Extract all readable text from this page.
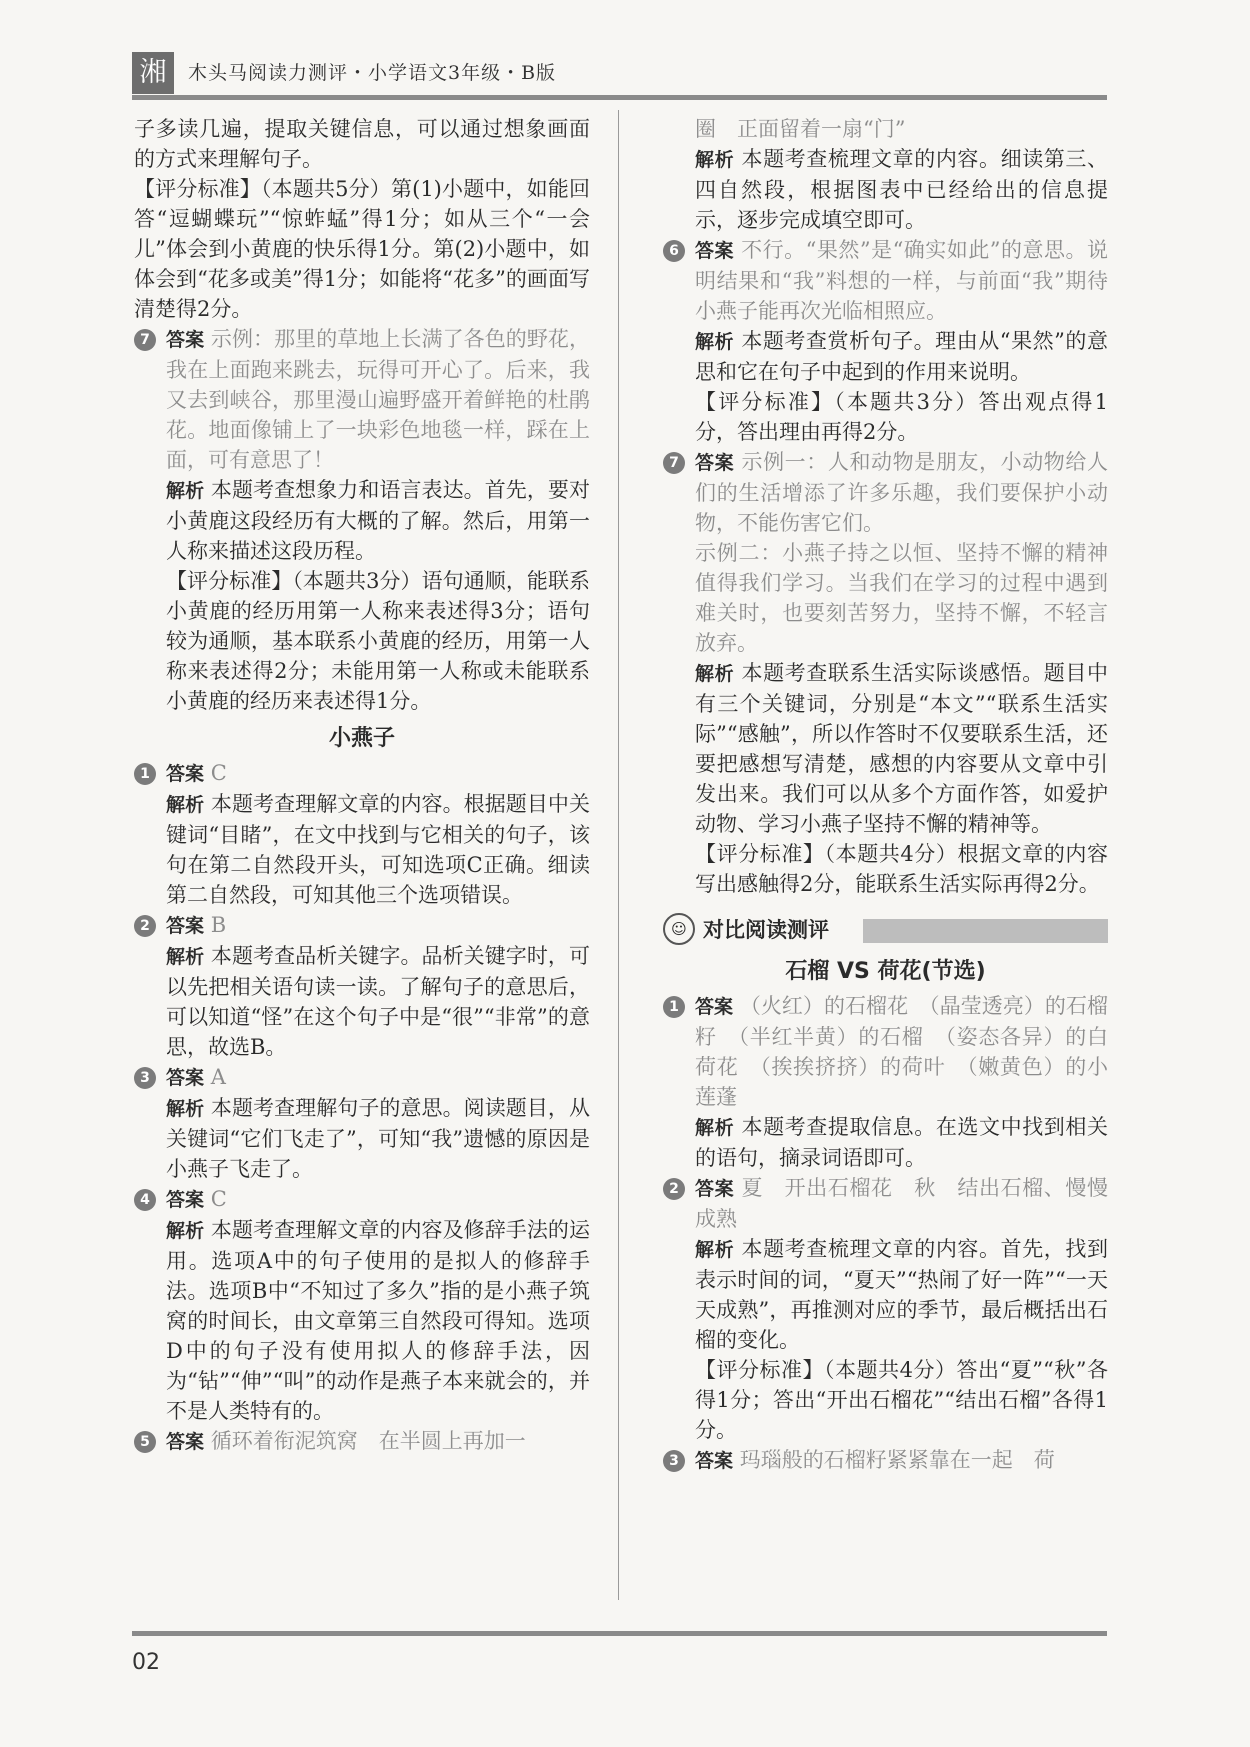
湘	木头马阅读力测评・小学语文3年级・B版

子多读几遍，提取关键信息，可以通过想象画面的方式来理解句子。

【评分标准】（本题共5分）第(1)小题中，如能回答“逗蝴蝶玩”“惊蚱蜢”得1分；如从三个“一会儿”体会到小黄鹿的快乐得1分。第(2)小题中，如体会到“花多或美”得1分；如能将“花多”的画面写清楚得2分。

7 答案 示例：那里的草地上长满了各色的野花，我在上面跑来跳去，玩得可开心了。后来，我又去到峡谷，那里漫山遍野盛开着鲜艳的杜鹃花。地面像铺上了一块彩色地毯一样，踩在上面，可有意思了！

解析 本题考查想象力和语言表达。首先，要对小黄鹿这段经历有大概的了解。然后，用第一人称来描述这段历程。

【评分标准】（本题共3分）语句通顺，能联系小黄鹿的经历用第一人称来表述得3分；语句较为通顺，基本联系小黄鹿的经历，用第一人称来表述得2分；未能用第一人称或未能联系小黄鹿的经历来表述得1分。

小燕子
1 答案 C

解析 本题考查理解文章的内容。根据题目中关键词“目睹”，在文中找到与它相关的句子，该句在第二自然段开头，可知选项C正确。细读第二自然段，可知其他三个选项错误。

2 答案 B

解析 本题考查品析关键字。品析关键字时，可以先把相关语句读一读。了解句子的意思后，可以知道“怪”在这个句子中是“很”“非常”的意思，故选B。

3 答案 A

解析 本题考查理解句子的意思。阅读题目，从关键词“它们飞走了”，可知“我”遗憾的原因是小燕子飞走了。

4 答案 C

解析 本题考查理解文章的内容及修辞手法的运用。选项A中的句子使用的是拟人的修辞手法。选项B中“不知过了多久”指的是小燕子筑窝的时间长，由文章第三自然段可得知。选项D中的句子没有使用拟人的修辞手法，因为“钻”“伸”“叫”的动作是燕子本来就会的，并不是人类特有的。

5 答案 循环着衔泥筑窝　在半圆上再加一

圈　正面留着一扇“门”

解析 本题考查梳理文章的内容。细读第三、四自然段，根据图表中已经给出的信息提示，逐步完成填空即可。

6 答案 不行。“果然”是“确实如此”的意思。说明结果和“我”料想的一样，与前面“我”期待小燕子能再次光临相照应。

解析 本题考查赏析句子。理由从“果然”的意思和它在句子中起到的作用来说明。

【评分标准】（本题共3分）答出观点得1分，答出理由再得2分。

7 答案 示例一：人和动物是朋友，小动物给人们的生活增添了许多乐趣，我们要保护小动物，不能伤害它们。

示例二：小燕子持之以恒、坚持不懈的精神值得我们学习。当我们在学习的过程中遇到难关时，也要刻苦努力，坚持不懈，不轻言放弃。

解析 本题考查联系生活实际谈感悟。题目中有三个关键词，分别是“本文”“联系生活实际”“感触”，所以作答时不仅要联系生活，还要把感想写清楚，感想的内容要从文章中引发出来。我们可以从多个方面作答，如爱护动物、学习小燕子坚持不懈的精神等。

【评分标准】（本题共4分）根据文章的内容写出感触得2分，能联系生活实际再得2分。

☺ 对比阅读测评
石榴 VS 荷花(节选)
1 答案 （火红）的石榴花　（晶莹透亮）的石榴籽　（半红半黄）的石榴　（姿态各异）的白荷花　（挨挨挤挤）的荷叶　（嫩黄色）的小莲蓬

解析 本题考查提取信息。在选文中找到相关的语句，摘录词语即可。

2 答案 夏　开出石榴花　秋　结出石榴、慢慢成熟

解析 本题考查梳理文章的内容。首先，找到表示时间的词，“夏天”“热闹了好一阵”“一天天成熟”，再推测对应的季节，最后概括出石榴的变化。

【评分标准】（本题共4分）答出“夏”“秋”各得1分；答出“开出石榴花”“结出石榴”各得1分。

3 答案 玛瑙般的石榴籽紧紧靠在一起　荷

02
